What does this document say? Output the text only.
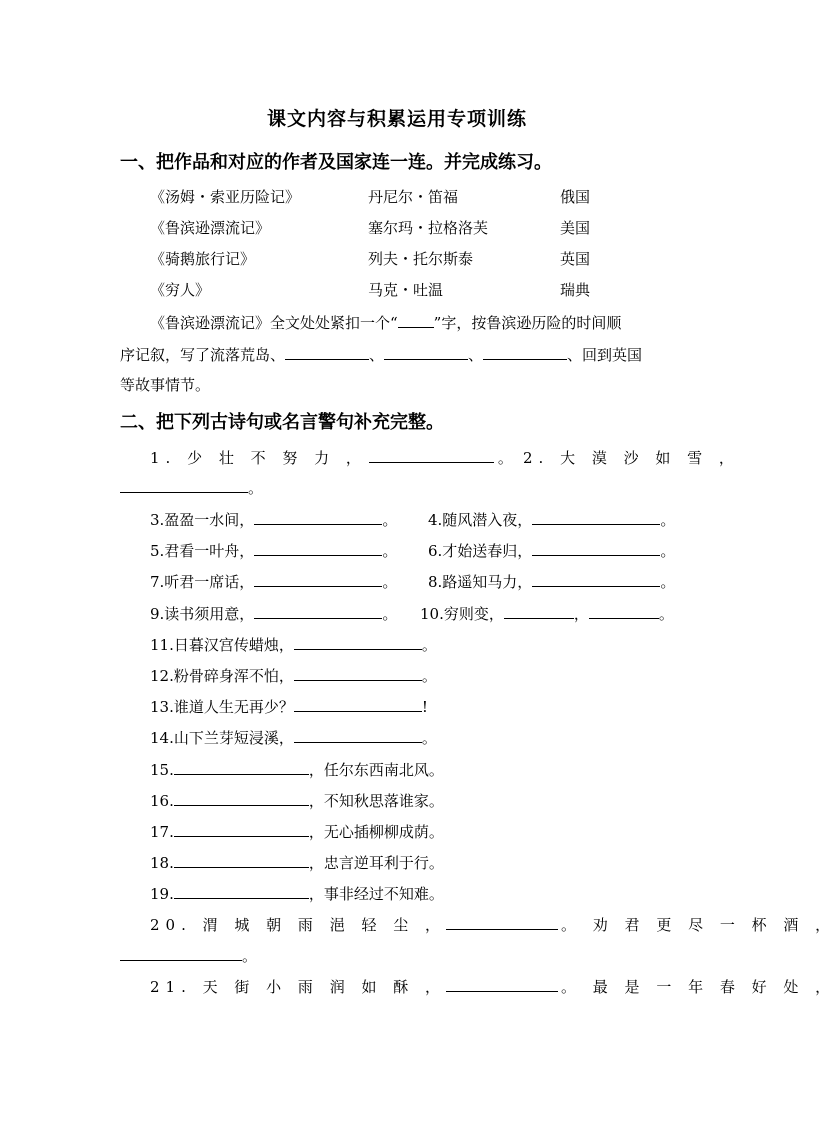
课文内容与积累运用专项训练
一、把作品和对应的作者及国家连一连。并完成练习。
《汤姆・索亚历险记》	丹尼尔・笛福	俄国
《鲁滨逊漂流记》	塞尔玛・拉格洛芙	美国
《骑鹅旅行记》	列夫・托尔斯泰	英国
《穷人》	马克・吐温	瑞典
《鲁滨逊漂流记》全文处处紧扣一个“ ”字，按鲁滨逊历险的时间顺
序记叙，写了流落荒岛、	、	、	、回到英国
等故事情节。
二、把下列古诗句或名言警句补充完整。
1. 少 壮 不 努 力 ，	。 2. 大 漠 沙 如 雪 ，
。
3.盈盈一水间，	。 4.随风潜入夜，	。
5.君看一叶舟，	。 6.才始送春归，	。
7.听君一席话，	。 8.路遥知马力，	。
9.读书须用意，	。 10.穷则变，	，	。
11.日暮汉宫传蜡烛，	。
12.粉骨碎身浑不怕，	。
13.谁道人生无再少？	!
14.山下兰芽短浸溪，	。
15.	，任尔东西南北风。
16.	，不知秋思落谁家。
17.	，无心插柳柳成荫。
18.	，忠言逆耳利于行。
19.	，事非经过不知难。
20. 渭 城 朝 雨 浥 轻 尘 ，	。 劝 君 更 尽 一 杯 酒 ，
。
21. 天 街 小 雨 润 如 酥 ，	。 最 是 一 年 春 好 处 ，
